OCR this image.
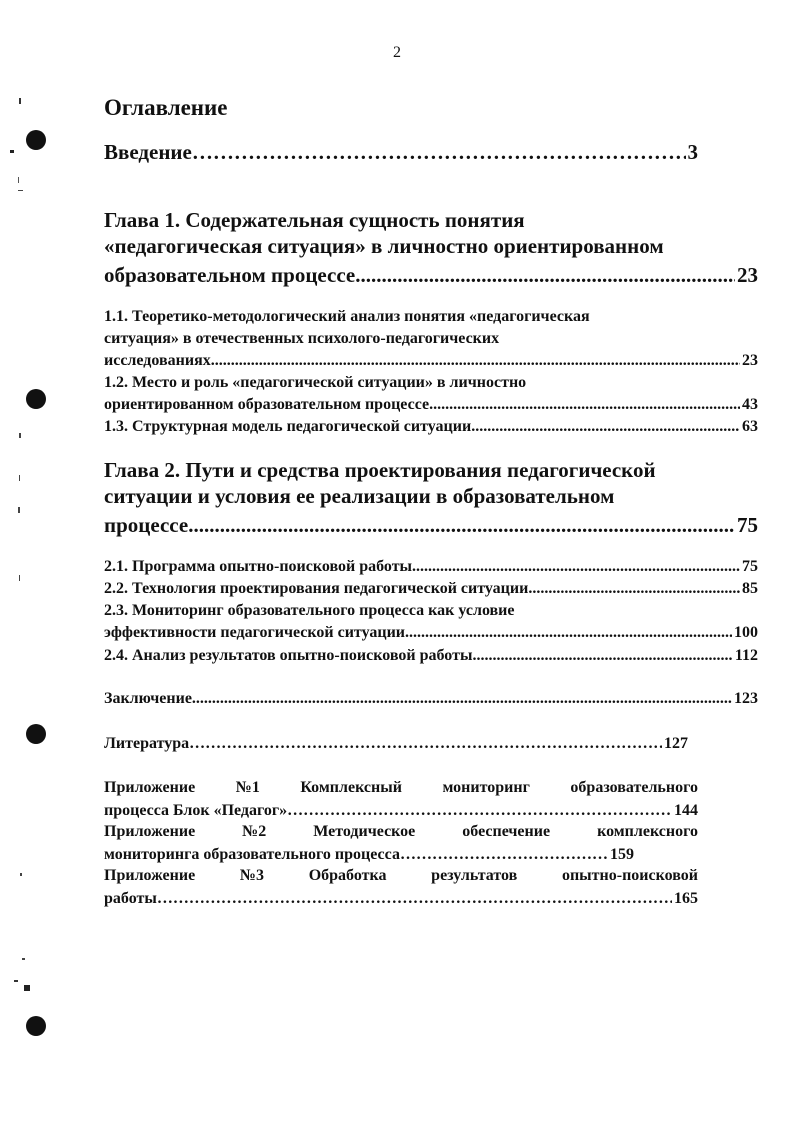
2
Оглавление
Введение ……………………………………………………………………………………………………………………………………………………………………………………………………………………	3
Глава 1. Содержательная сущность понятия
«педагогическая ситуация» в личностно ориентированном
образовательном процессе .....	23
1.1. Теоретико-методологический анализ понятия «педагогическая
ситуация» в отечественных психолого-педагогических
исследованиях .....	23
1.2. Место и роль «педагогической ситуации» в личностно
ориентированном образовательном процессе. .....	43
1.3. Структурная модель педагогической ситуации .....	63
Глава 2. Пути и средства проектирования педагогической
ситуации и условия ее реализации в образовательном
процессе .....	75
2.1. Программа опытно-поисковой работы .....	75
2.2. Технология проектирования педагогической ситуации .....	85
2.3. Мониторинг образовательного процесса как условие
эффективности педагогической ситуации .....	100
2.4. Анализ результатов опытно-поисковой работы .....	112
Заключение .....	123
Литература ……………………………………………………………………………………………………………………………………………………………………………………………………………………	127
Приложение	№1	Комплексный	мониторинг	образовательного
процесса Блок «Педагог» ……………………………………………………………………………………………………………………………………………………………………………………………………………………	144
Приложение	№2	Методическое	обеспечение	комплексного
мониторинга образовательного процесса ……………………………………………………………………………………………………………………………………………………………………………………………………………………	159
Приложение	№3	Обработка	результатов	опытно-поисковой
работы ……………………………………………………………………………………………………………………………………………………………………………………………………………………	165
